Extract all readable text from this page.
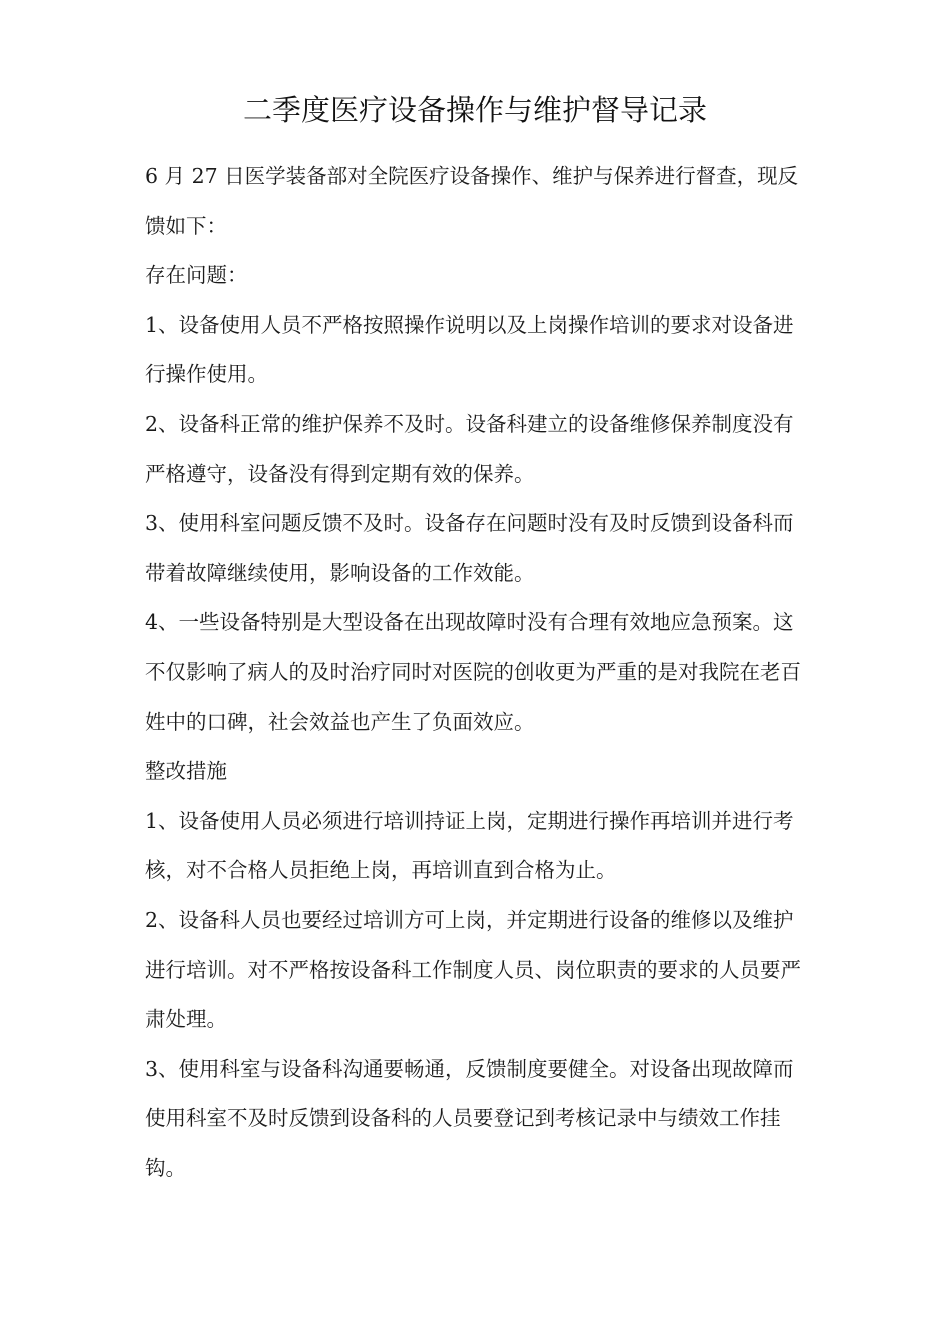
二季度医疗设备操作与维护督导记录

6 月 27 日医学装备部对全院医疗设备操作、维护与保养进行督查，现反馈如下：

存在问题：

1、设备使用人员不严格按照操作说明以及上岗操作培训的要求对设备进行操作使用。

2、设备科正常的维护保养不及时。设备科建立的设备维修保养制度没有严格遵守，设备没有得到定期有效的保养。

3、使用科室问题反馈不及时。设备存在问题时没有及时反馈到设备科而带着故障继续使用，影响设备的工作效能。

4、一些设备特别是大型设备在出现故障时没有合理有效地应急预案。这不仅影响了病人的及时治疗同时对医院的创收更为严重的是对我院在老百姓中的口碑，社会效益也产生了负面效应。

整改措施

1、设备使用人员必须进行培训持证上岗，定期进行操作再培训并进行考核，对不合格人员拒绝上岗，再培训直到合格为止。

2、设备科人员也要经过培训方可上岗，并定期进行设备的维修以及维护进行培训。对不严格按设备科工作制度人员、岗位职责的要求的人员要严肃处理。

3、使用科室与设备科沟通要畅通，反馈制度要健全。对设备出现故障而使用科室不及时反馈到设备科的人员要登记到考核记录中与绩效工作挂钩。
